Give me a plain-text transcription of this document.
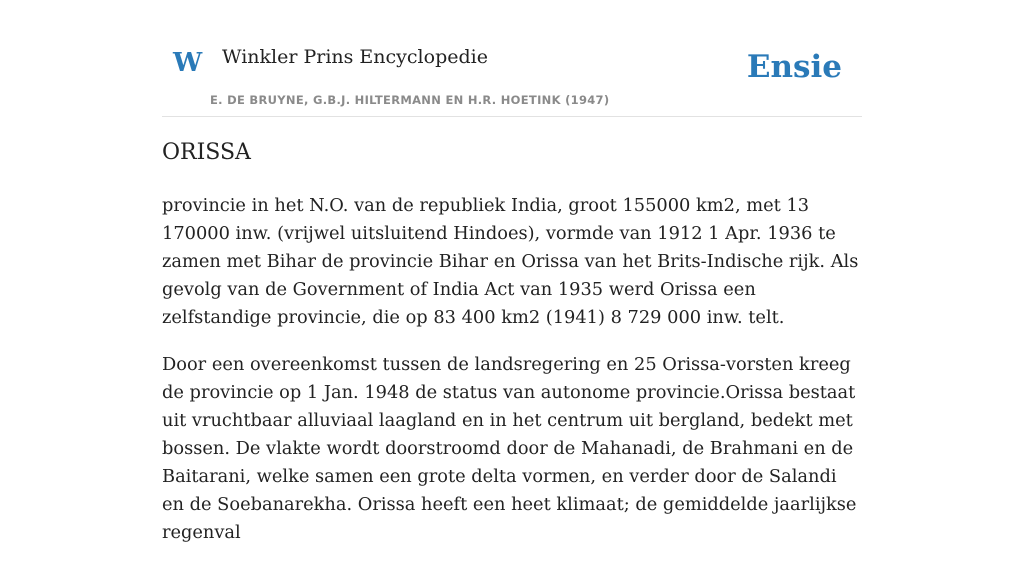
W Winkler Prins Encyclopedie
E. DE BRUYNE, G.B.J. HILTERMANN EN H.R. HOETINK (1947)
Ensie
ORISSA

provincie in het N.O. van de republiek India, groot 155000 km2, met 13 170000 inw. (vrijwel uitsluitend Hindoes), vormde van 1912 1 Apr. 1936 te zamen met Bihar de provincie Bihar en Orissa van het Brits-Indische rijk. Als gevolg van de Government of India Act van 1935 werd Orissa een zelfstandige provincie, die op 83 400 km2 (1941) 8 729 000 inw. telt.

Door een overeenkomst tussen de landsregering en 25 Orissa-vorsten kreeg de provincie op 1 Jan. 1948 de status van autonome provincie.Orissa bestaat uit vruchtbaar alluviaal laagland en in het centrum uit bergland, bedekt met bossen. De vlakte wordt doorstroomd door de Mahanadi, de Brahmani en de Baitarani, welke samen een grote delta vormen, en verder door de Salandi en de Soebanarekha. Orissa heeft een heet klimaat; de gemiddelde jaarlijkse regenval
